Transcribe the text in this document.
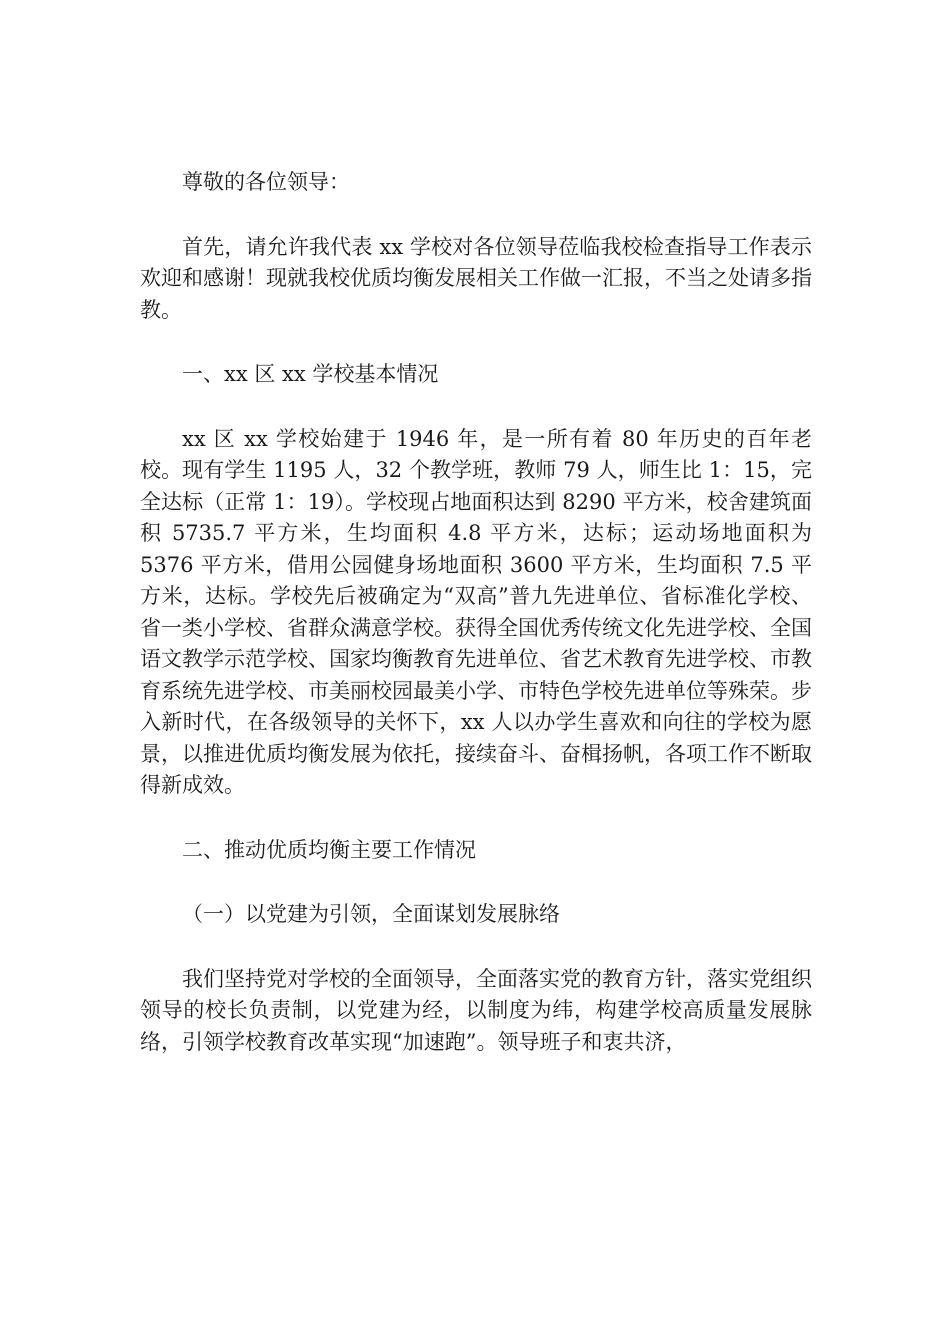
尊敬的各位领导：

首先，请允许我代表 xx 学校对各位领导莅临我校检查指导工作表示欢迎和感谢！现就我校优质均衡发展相关工作做一汇报，不当之处请多指教。

一、xx 区 xx 学校基本情况

xx 区 xx 学校始建于 1946 年，是一所有着 80 年历史的百年老校。现有学生 1195 人，32 个教学班，教师 79 人，师生比 1：15，完全达标（正常 1：19）。学校现占地面积达到 8290 平方米，校舍建筑面积 5735.7 平方米，生均面积 4.8 平方米，达标；运动场地面积为 5376 平方米，借用公园健身场地面积 3600 平方米，生均面积 7.5 平方米，达标。学校先后被确定为“双高”普九先进单位、省标准化学校、省一类小学校、省群众满意学校。获得全国优秀传统文化先进学校、全国语文教学示范学校、国家均衡教育先进单位、省艺术教育先进学校、市教育系统先进学校、市美丽校园最美小学、市特色学校先进单位等殊荣。步入新时代，在各级领导的关怀下，xx 人以办学生喜欢和向往的学校为愿景，以推进优质均衡发展为依托，接续奋斗、奋楫扬帆，各项工作不断取得新成效。

二、推动优质均衡主要工作情况

（一）以党建为引领，全面谋划发展脉络

我们坚持党对学校的全面领导，全面落实党的教育方针，落实党组织领导的校长负责制，以党建为经，以制度为纬，构建学校高质量发展脉络，引领学校教育改革实现“加速跑”。领导班子和衷共济，
